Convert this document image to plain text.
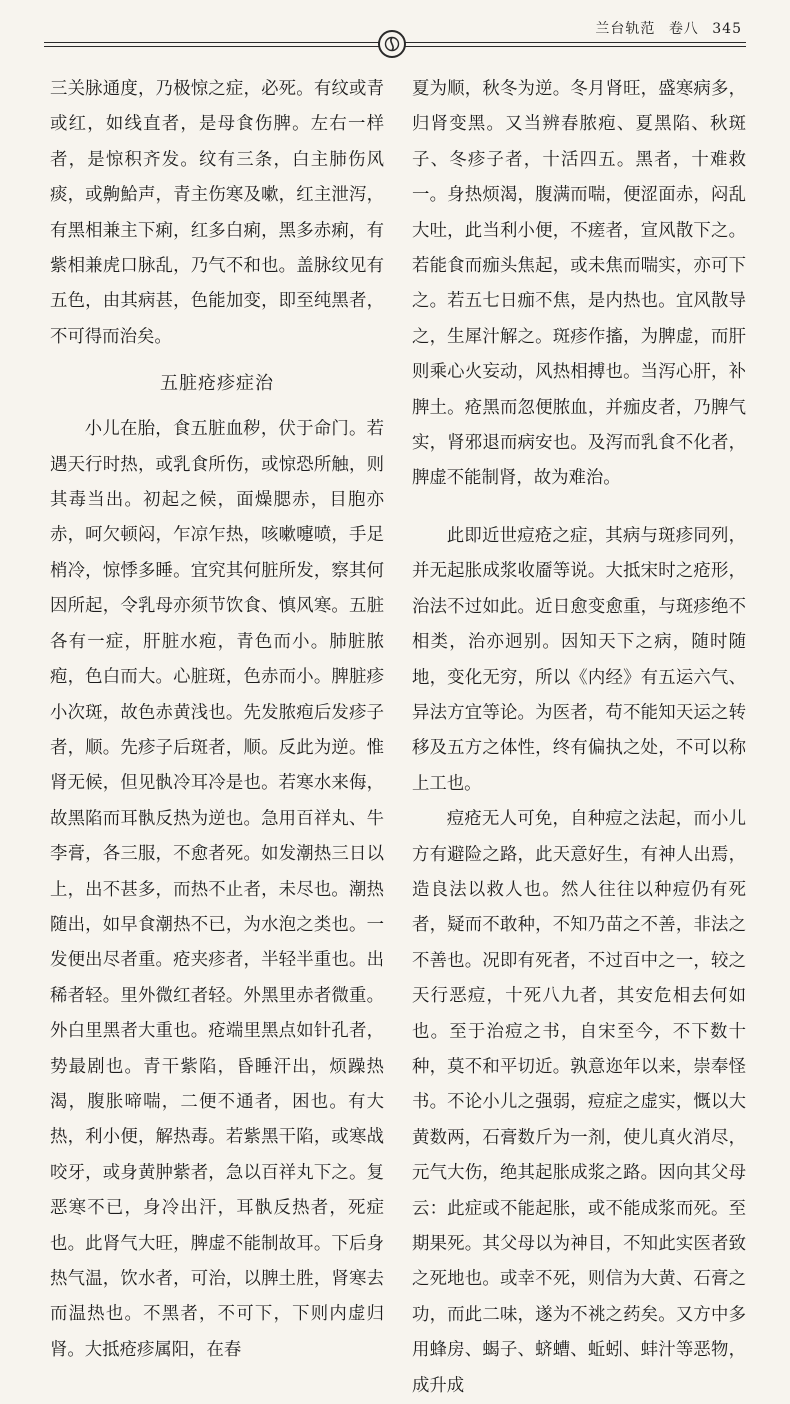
兰台轨范 卷八 345

三关脉通度，乃极惊之症，必死。有纹或青或红，如线直者，是母食伤脾。左右一样者，是惊积齐发。纹有三条，白主肺伤风痰，或齁鮯声，青主伤寒及嗽，红主泄泻，有黑相兼主下痢，红多白痢，黑多赤痢，有紫相兼虎口脉乱，乃气不和也。盖脉纹见有五色，由其病甚，色能加变，即至纯黑者，不可得而治矣。

五脏疮疹症治

小儿在胎，食五脏血秽，伏于命门。若遇天行时热，或乳食所伤，或惊恐所触，则其毒当出。初起之候，面燥腮赤，目胞亦赤，呵欠顿闷，乍凉乍热，咳嗽嚏喷，手足梢冷，惊悸多睡。宜究其何脏所发，察其何因所起，令乳母亦须节饮食、慎风寒。五脏各有一症，肝脏水疱，青色而小。肺脏脓疱，色白而大。心脏斑，色赤而小。脾脏疹小次斑，故色赤黄浅也。先发脓疱后发疹子者，顺。先疹子后斑者，顺。反此为逆。惟肾无候，但见骫冷耳冷是也。若寒水来侮，故黑陷而耳骫反热为逆也。急用百祥丸、牛李膏，各三服，不愈者死。如发潮热三日以上，出不甚多，而热不止者，未尽也。潮热随出，如早食潮热不已，为水泡之类也。一发便出尽者重。疮夹疹者，半轻半重也。出稀者轻。里外微红者轻。外黑里赤者微重。外白里黑者大重也。疮端里黑点如针孔者，势最剧也。青干紫陷，昏睡汗出，烦躁热渴，腹胀啼喘，二便不通者，困也。有大热，利小便，解热毒。若紫黑干陷，或寒战咬牙，或身黄肿紫者，急以百祥丸下之。复恶寒不已，身冷出汗，耳骫反热者，死症也。此肾气大旺，脾虚不能制故耳。下后身热气温，饮水者，可治，以脾土胜，肾寒去而温热也。不黑者，不可下，下则内虚归肾。大抵疮疹属阳，在春

夏为顺，秋冬为逆。冬月肾旺，盛寒病多，归肾变黑。又当辨春脓疱、夏黑陷、秋斑子、冬疹子者，十活四五。黑者，十难救一。身热烦渴，腹满而喘，便涩面赤，闷乱大吐，此当利小便，不瘥者，宣风散下之。若能食而痂头焦起，或未焦而喘实，亦可下之。若五七日痂不焦，是内热也。宜风散导之，生犀汁解之。斑疹作搐，为脾虚，而肝则乘心火妄动，风热相搏也。当泻心肝，补脾土。疮黑而忽便脓血，并痂皮者，乃脾气实，肾邪退而病安也。及泻而乳食不化者，脾虚不能制肾，故为难治。

此即近世痘疮之症，其病与斑疹同列，并无起胀成浆收靥等说。大抵宋时之疮形，治法不过如此。近日愈变愈重，与斑疹绝不相类，治亦迥别。因知天下之病，随时随地，变化无穷，所以《内经》有五运六气、异法方宜等论。为医者，苟不能知天运之转移及五方之体性，终有偏执之处，不可以称上工也。

痘疮无人可免，自种痘之法起，而小儿方有避险之路，此天意好生，有神人出焉，造良法以救人也。然人往往以种痘仍有死者，疑而不敢种，不知乃苗之不善，非法之不善也。况即有死者，不过百中之一，较之天行恶痘，十死八九者，其安危相去何如也。至于治痘之书，自宋至今，不下数十种，莫不和平切近。孰意迩年以来，崇奉怪书。不论小儿之强弱，痘症之虚实，慨以大黄数两，石膏数斤为一剂，使儿真火消尽，元气大伤，绝其起胀成浆之路。因向其父母云：此症或不能起胀，或不能成浆而死。至期果死。其父母以为神目，不知此实医者致之死地也。或幸不死，则信为大黄、石膏之功，而此二味，遂为不祧之药矣。又方中多用蜂房、蝎子、蛴螬、蚯蚓、蚌汁等恶物，成升成
